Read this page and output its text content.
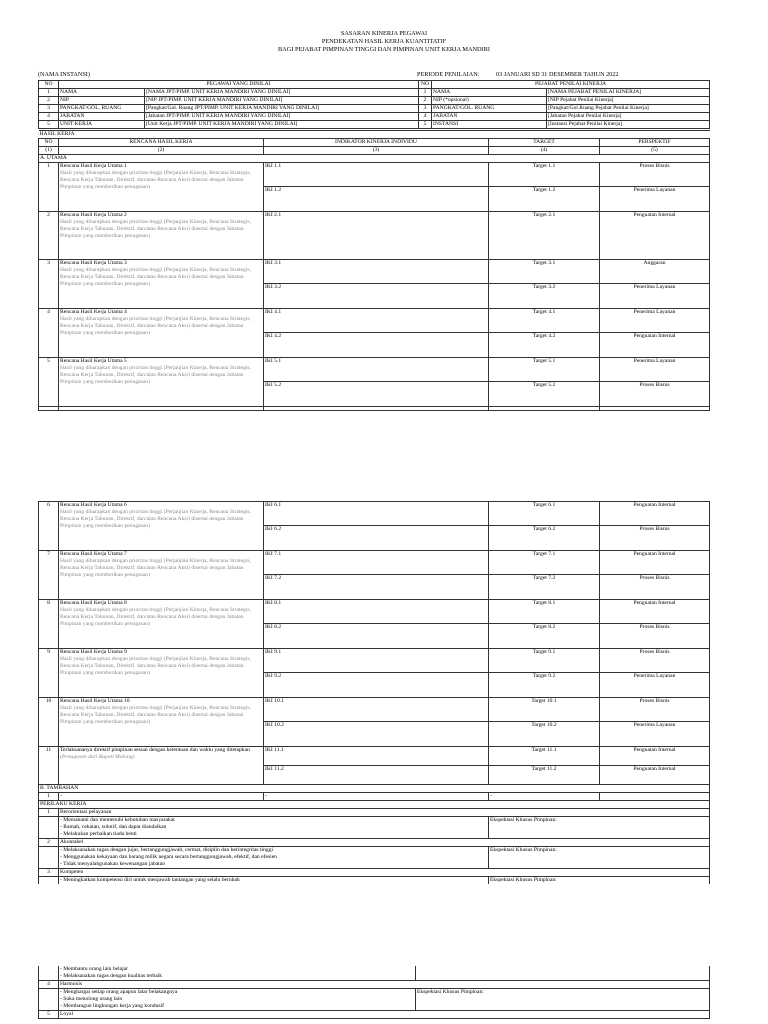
SASARAN KINERJA PEGAWAI
PENDEKATAN HASIL KERJA KUANTITATIF
BAGI PEJABAT PIMPINAN TINGGI DAN PIMPINAN UNIT KERJA MANDIRI
(NAMA INSTANSI)	PERIODE PENILAIAN:	03 JANUARI SD 31 DESEMBER TAHUN 2022
NO	PEGAWAI YANG DINILAI		NO	PEJABAT PENILAI KINERJA	
1	NAMA	[NAMA JPT/PIMP. UNIT KERJA MANDIRI YANG DINILAI]	1	NAMA	[NAMA PEJABAT PENILAI KINERJA]
2	NIP	[NIP JPT/PIMP. UNIT KERJA MANDIRI YANG DINILAI]	2	NIP (*opsional)	[NIP Pejabat Penilai Kinerja]
3	PANGKAT/GOL. RUANG	[Pangkat/Gol. Ruang JPT/PIMP. UNIT KERJA MANDIRI YANG DINILAI]	3	PANGKAT/GOL. RUANG	[Pangkat/Gol.Ruang Pejabat Penilai Kinerja]
4	JABATAN	[Jabatan JPT/PIMP. UNIT KERJA MANDIRI YANG DINILAI]	4	JABATAN	[Jabatan Pejabat Penilai Kinerja]
5	UNIT KERJA	[Unit Kerja JPT/PIMP. UNIT KERJA MANDIRI YANG DINILAI]	5	INSTANSI	[Instansi Pejabat Penilai Kinerja]
HASIL KERJA				
NO	RENCANA HASIL KERJA	INDIKATOR KINERJA INDIVIDU	TARGET	PERSPEKTIF
(1)	(2)	(3)	(4)	(5)
A. UTAMA				
1	Rencana Hasil Kerja Utama 1
Hasil yang diharapkan dengan prioritas tinggi (Perjanjian Kinerja, Rencana Strategis, Rencana Kerja Tahunan, Direktif, dan/atau Rencana Aksi) disertai dengan Jabatan Pimpinan yang memberikan penugasan)	IKI 1.1	Target 1.1	Proses Bisnis
		IKI 1.2	Target 1.2	Penerima Layanan
2	Rencana Hasil Kerja Utama 2
Hasil yang diharapkan dengan prioritas tinggi (Perjanjian Kinerja, Rencana Strategis, Rencana Kerja Tahunan, Direktif, dan/atau Rencana Aksi) disertai dengan Jabatan Pimpinan yang memberikan penugasan)	IKI 2.1	Target 2.1	Penguatan Internal
3	Rencana Hasil Kerja Utama 3
Hasil yang diharapkan dengan prioritas tinggi (Perjanjian Kinerja, Rencana Strategis, Rencana Kerja Tahunan, Direktif, dan/atau Rencana Aksi) disertai dengan Jabatan Pimpinan yang memberikan penugasan)	IKI 3.1	Target 3.1	Anggaran
		IKI 3.2	Target 3.2	Penerima Layanan
4	Rencana Hasil Kerja Utama 4
Hasil yang diharapkan dengan prioritas tinggi (Perjanjian Kinerja, Rencana Strategis, Rencana Kerja Tahunan, Direktif, dan/atau Rencana Aksi) disertai dengan Jabatan Pimpinan yang memberikan penugasan)	IKI 4.1	Target 4.1	Penerima Layanan
		IKI 4.2	Target 4.2	Penguatan Internal
5	Rencana Hasil Kerja Utama 5
Hasil yang diharapkan dengan prioritas tinggi (Perjanjian Kinerja, Rencana Strategis, Rencana Kerja Tahunan, Direktif, dan/atau Rencana Aksi) disertai dengan Jabatan Pimpinan yang memberikan penugasan)	IKI 5.1	Target 5.1	Penerima Layanan
		IKI 5.2	Target 5.2	Proses Bisnis

6	Rencana Hasil Kerja Utama 6
Hasil yang diharapkan dengan prioritas tinggi (Perjanjian Kinerja, Rencana Strategis, Rencana Kerja Tahunan, Direktif, dan/atau Rencana Aksi) disertai dengan Jabatan Pimpinan yang memberikan penugasan)	IKI 6.1	Target 6.1	Penguatan Internal
		IKI 6.2	Target 6.2	Proses Bisnis
7	Rencana Hasil Kerja Utama 7
Hasil yang diharapkan dengan prioritas tinggi (Perjanjian Kinerja, Rencana Strategis, Rencana Kerja Tahunan, Direktif, dan/atau Rencana Aksi) disertai dengan Jabatan Pimpinan yang memberikan penugasan)	IKI 7.1	Target 7.1	Penguatan Internal
		IKI 7.2	Target 7.2	Proses Bisnis
8	Rencana Hasil Kerja Utama 8
Hasil yang diharapkan dengan prioritas tinggi (Perjanjian Kinerja, Rencana Strategis, Rencana Kerja Tahunan, Direktif, dan/atau Rencana Aksi) disertai dengan Jabatan Pimpinan yang memberikan penugasan)	IKI 8.1	Target 8.1	Penguatan Internal
		IKI 8.2	Target 8.2	Proses Bisnis
9	Rencana Hasil Kerja Utama 9
Hasil yang diharapkan dengan prioritas tinggi (Perjanjian Kinerja, Rencana Strategis, Rencana Kerja Tahunan, Direktif, dan/atau Rencana Aksi) disertai dengan Jabatan Pimpinan yang memberikan penugasan)	IKI 9.1	Target 9.1	Proses Bisnis
		IKI 9.2	Target 9.2	Penerima Layanan
10	Rencana Hasil Kerja Utama 10
Hasil yang diharapkan dengan prioritas tinggi (Perjanjian Kinerja, Rencana Strategis, Rencana Kerja Tahunan, Direktif, dan/atau Rencana Aksi) disertai dengan Jabatan Pimpinan yang memberikan penugasan)	IKI 10.1	Target 10.1	Proses Bisnis
		IKI 10.2	Target 10.2	Penerima Layanan
11	Terlaksananya direktif pimpinan sesuai dengan ketentuan dan waktu yang ditetapkan
(Penugasan dari Bupati Malang)	IKI 11.1	Target 11.1	Penguatan Internal
		IKI 11.2	Target 11.2	Penguatan Internal
B. TAMBAHAN				
1	-	-	-	
PERILAKU KERJA				
1	Berorientasi pelayanan			
	- Memahami dan memenuhi kebutuhan masyarakat		Ekspektasi Khusus Pimpinan:	
	- Ramah, cekatan, solutif, dan dapat diandalkan			
	- Melakukan perbaikan tiada henti			
2	Akuntabel			
	- Melaksanakan tugas dengan jujur, bertanggungjawab, cermat, disiplin dan berintegritas tinggi		Ekspektasi Khusus Pimpinan:	
	- Menggunakan kekayaan dan barang milik negara secara bertanggungjawab, efektif, dan efesien			
	- Tidak menyalahgunakan kewenangan jabatan			
3	Kompeten			
	- Meningkatkan kompetensi diri untuk menjawab tantangan yang selalu berubah		Ekspektasi Khusus Pimpinan:	
	- Membantu orang lain belajar	
	- Melaksanakan tugas dengan kualitas terbaik	
4	Harmonis	
	- Menghargai setiap orang apapun latar belakangnya	Ekspektasi Khusus Pimpinan:
	- Suka menolong orang lain	
	- Membangun lingkungan kerja yang kondusif	
5	Loyal	
